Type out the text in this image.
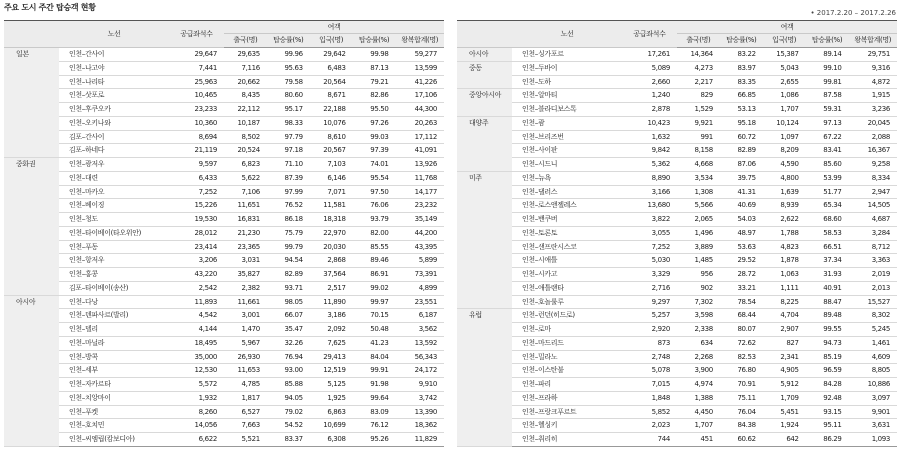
주요 도시 주간 탑승객 현황
• 2017.2.20 – 2017.2.26
	노선	공급좌석수	여객				
			출국(명)	탑승률(%)	입국(명)	탑승률(%)	왕복합계(명)
일본	인천–간사이	29,647	29,635	99.96	29,642	99.98	59,277
	인천–나고야	7,441	7,116	95.63	6,483	87.13	13,599
	인천–나리타	25,963	20,662	79.58	20,564	79.21	41,226
	인천–삿포로	10,465	8,435	80.60	8,671	82.86	17,106
	인천–후쿠오카	23,233	22,112	95.17	22,188	95.50	44,300
	인천–오키나와	10,360	10,187	98.33	10,076	97.26	20,263
	김포–간사이	8,694	8,502	97.79	8,610	99.03	17,112
	김포–하네다	21,119	20,524	97.18	20,567	97.39	41,091
중화권	인천–광저우	9,597	6,823	71.10	7,103	74.01	13,926
	인천–대련	6,433	5,622	87.39	6,146	95.54	11,768
	인천–마카오	7,252	7,106	97.99	7,071	97.50	14,177
	인천–베이징	15,226	11,651	76.52	11,581	76.06	23,232
	인천–청도	19,530	16,831	86.18	18,318	93.79	35,149
	인천–타이베이(타오위안)	28,012	21,230	75.79	22,970	82.00	44,200
	인천–푸동	23,414	23,365	99.79	20,030	85.55	43,395
	인천–항저우	3,206	3,031	94.54	2,868	89.46	5,899
	인천–홍콩	43,220	35,827	82.89	37,564	86.91	73,391
	김포–타이베이(송산)	2,542	2,382	93.71	2,517	99.02	4,899
아시아	인천–다낭	11,893	11,661	98.05	11,890	99.97	23,551
	인천–덴파사르(발리)	4,542	3,001	66.07	3,186	70.15	6,187
	인천–델리	4,144	1,470	35.47	2,092	50.48	3,562
	인천–마닐라	18,495	5,967	32.26	7,625	41.23	13,592
	인천–방콕	35,000	26,930	76.94	29,413	84.04	56,343
	인천–세부	12,530	11,653	93.00	12,519	99.91	24,172
	인천–자카르타	5,572	4,785	85.88	5,125	91.98	9,910
	인천–치앙마이	1,932	1,817	94.05	1,925	99.64	3,742
	인천–푸켓	8,260	6,527	79.02	6,863	83.09	13,390
	인천–호치민	14,056	7,663	54.52	10,699	76.12	18,362
	인천–씨엠립(캄보디아)	6,622	5,521	83.37	6,308	95.26	11,829
	노선	공급좌석수	여객				
			출국(명)	탑승률(%)	입국(명)	탑승률(%)	왕복합계(명)
아시아	인천–싱가포르	17,261	14,364	83.22	15,387	89.14	29,751
중동	인천–두바이	5,089	4,273	83.97	5,043	99.10	9,316
	인천–도하	2,660	2,217	83.35	2,655	99.81	4,872
중앙아시아	인천–알마티	1,240	829	66.85	1,086	87.58	1,915
	인천–블라디보스톡	2,878	1,529	53.13	1,707	59.31	3,236
대양주	인천–괌	10,423	9,921	95.18	10,124	97.13	20,045
	인천–브리즈번	1,632	991	60.72	1,097	67.22	2,088
	인천–사이판	9,842	8,158	82.89	8,209	83.41	16,367
	인천–시드니	5,362	4,668	87.06	4,590	85.60	9,258
미주	인천–뉴욕	8,890	3,534	39.75	4,800	53.99	8,334
	인천–댈러스	3,166	1,308	41.31	1,639	51.77	2,947
	인천–로스앤젤레스	13,680	5,566	40.69	8,939	65.34	14,505
	인천–밴쿠버	3,822	2,065	54.03	2,622	68.60	4,687
	인천–토론토	3,055	1,496	48.97	1,788	58.53	3,284
	인천–샌프란시스코	7,252	3,889	53.63	4,823	66.51	8,712
	인천–시애틀	5,030	1,485	29.52	1,878	37.34	3,363
	인천–시카고	3,329	956	28.72	1,063	31.93	2,019
	인천–애틀랜타	2,716	902	33.21	1,111	40.91	2,013
	인천–호놀룰루	9,297	7,302	78.54	8,225	88.47	15,527
유럽	인천–런던(히드로)	5,257	3,598	68.44	4,704	89.48	8,302
	인천–로마	2,920	2,338	80.07	2,907	99.55	5,245
	인천–마드리드	873	634	72.62	827	94.73	1,461
	인천–밀라노	2,748	2,268	82.53	2,341	85.19	4,609
	인천–이스탄불	5,078	3,900	76.80	4,905	96.59	8,805
	인천–파리	7,015	4,974	70.91	5,912	84.28	10,886
	인천–프라하	1,848	1,388	75.11	1,709	92.48	3,097
	인천–프랑크푸르트	5,852	4,450	76.04	5,451	93.15	9,901
	인천–헬싱키	2,023	1,707	84.38	1,924	95.11	3,631
	인천–취리히	744	451	60.62	642	86.29	1,093
